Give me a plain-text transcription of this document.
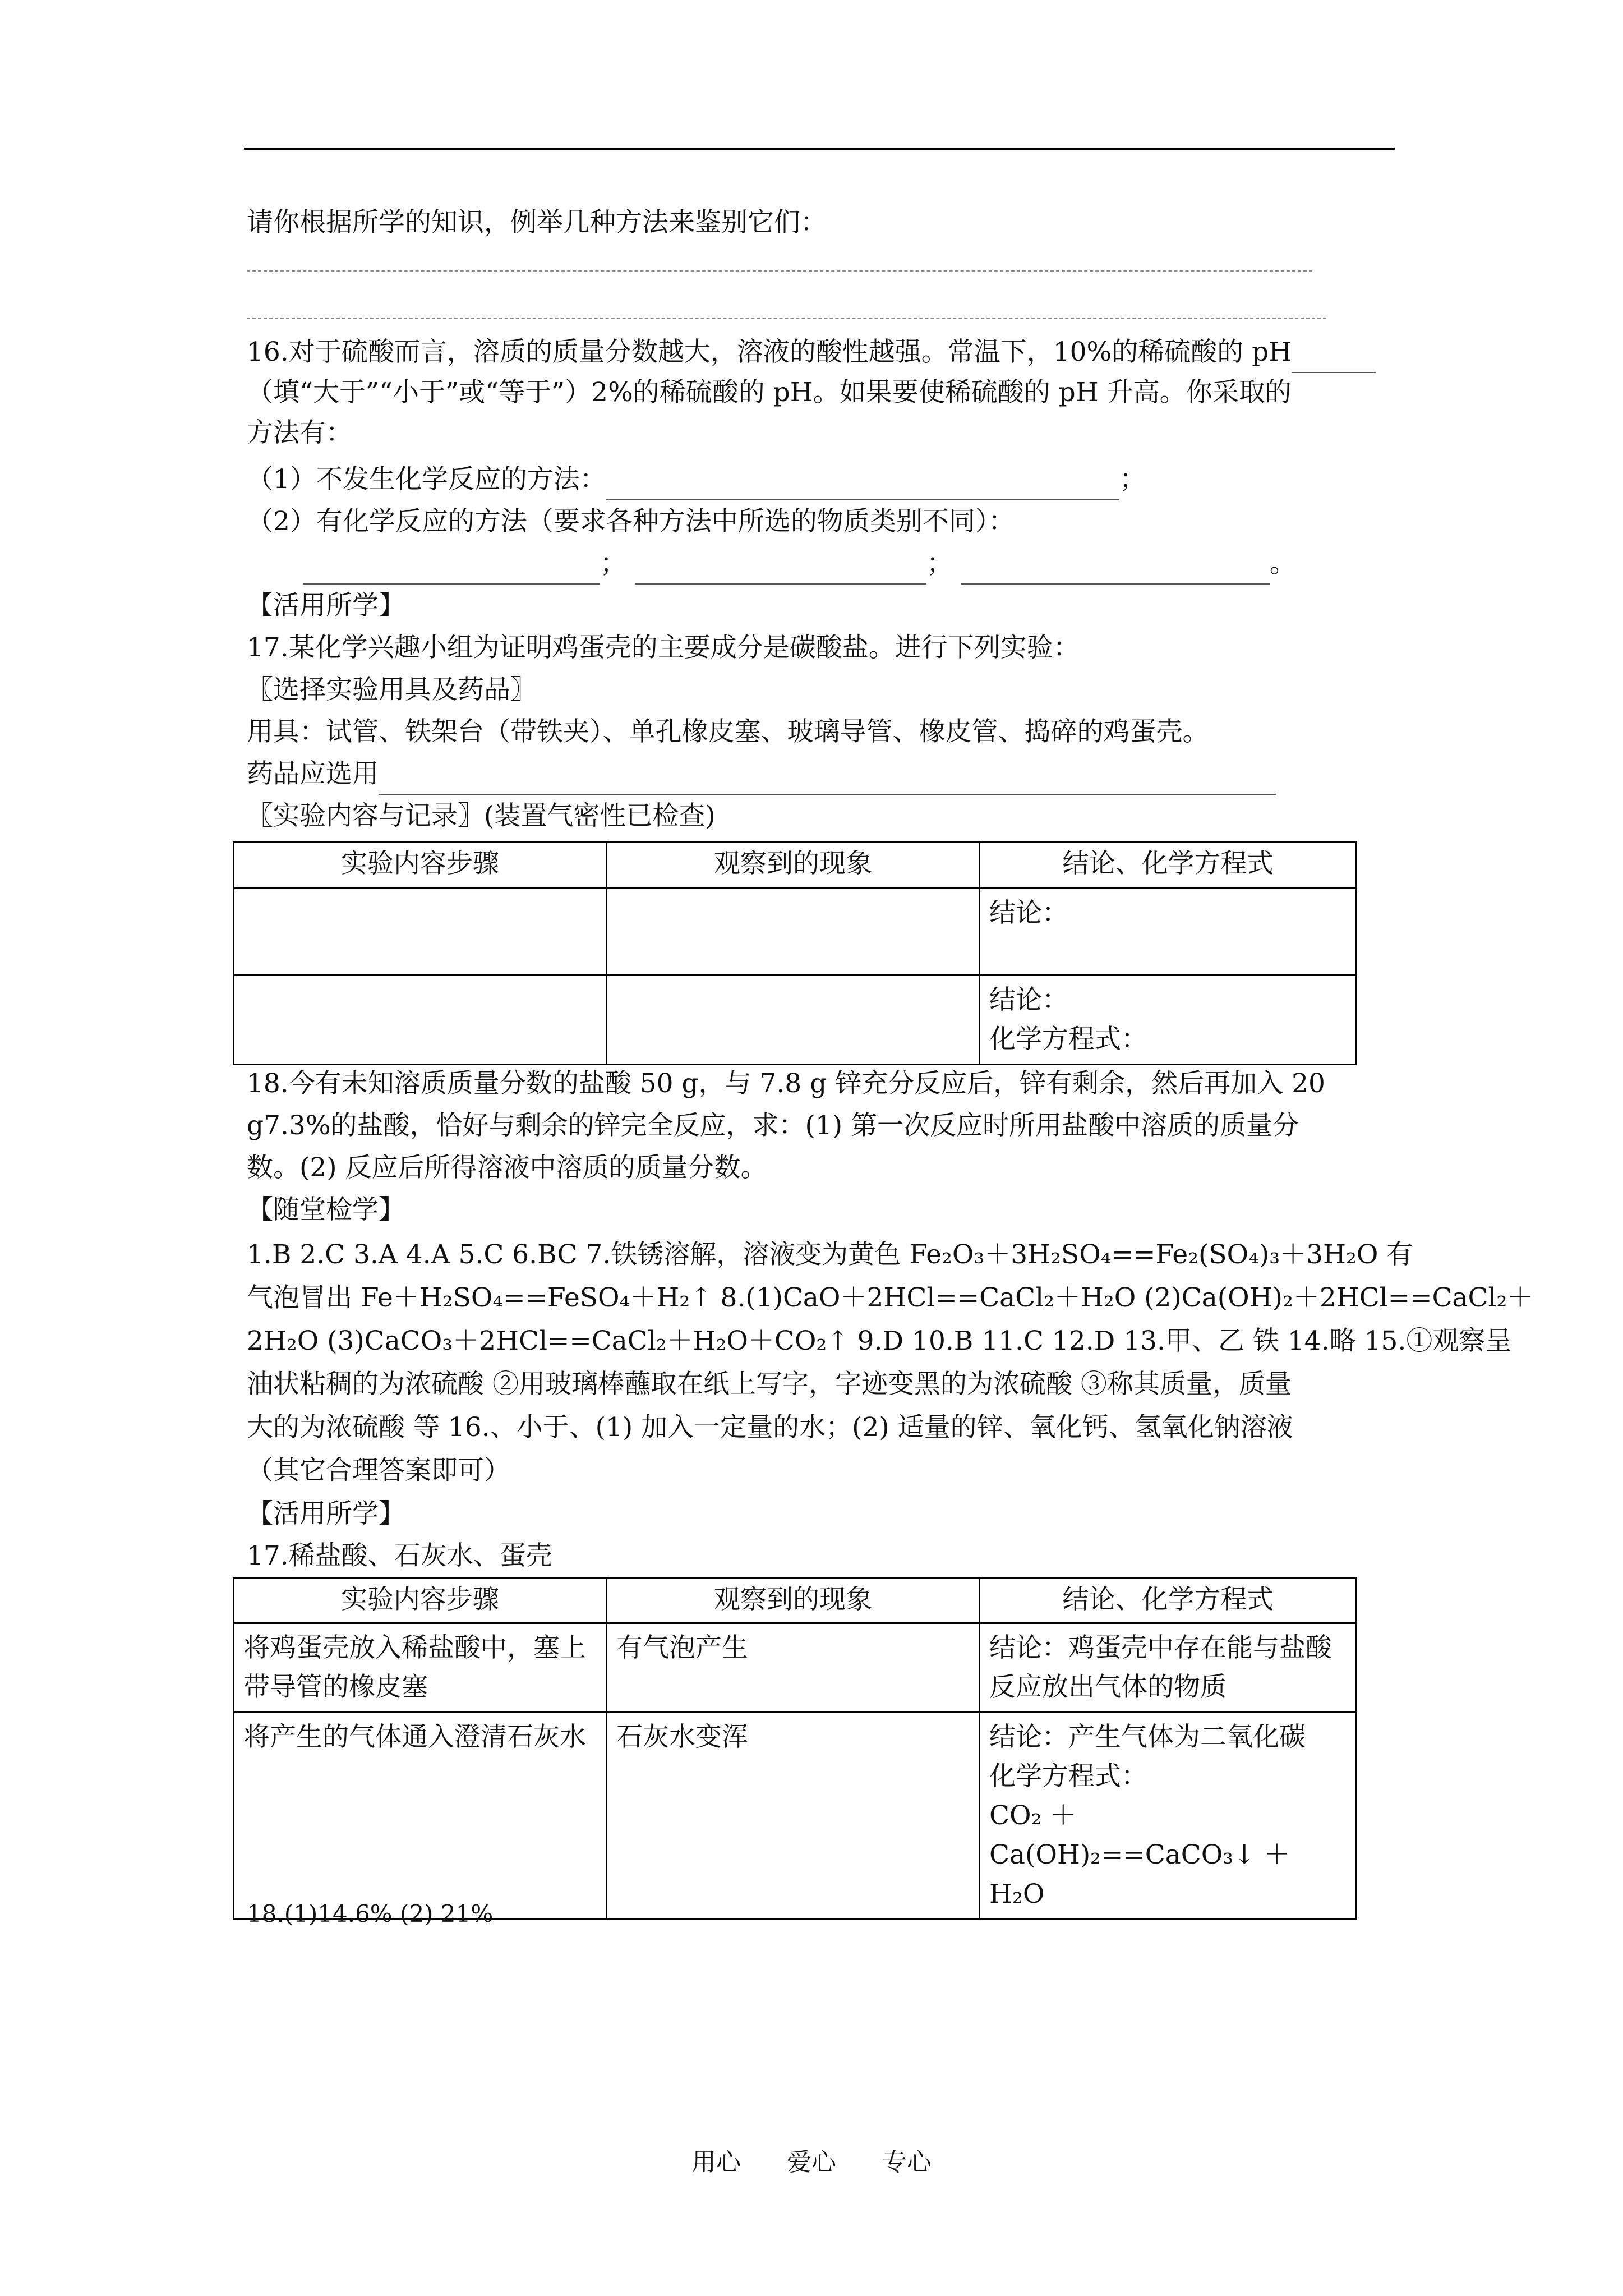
请你根据所学的知识，例举几种方法来鉴别它们：
16.对于硫酸而言，溶质的质量分数越大，溶液的酸性越强。常温下，10%的稀硫酸的 pH
（填“大于”“小于”或“等于”）2%的稀硫酸的 pH。如果要使稀硫酸的 pH 升高。你采取的
方法有：
（1）不发生化学反应的方法：	；
（2）有化学反应的方法（要求各种方法中所选的物质类别不同）：
；	；	。
【活用所学】
17.某化学兴趣小组为证明鸡蛋壳的主要成分是碳酸盐。进行下列实验：
〖选择实验用具及药品〗
用具：试管、铁架台（带铁夹）、单孔橡皮塞、玻璃导管、橡皮管、捣碎的鸡蛋壳。
药品应选用
〖实验内容与记录〗(装置气密性已检查)
实验内容步骤	观察到的现象	结论、化学方程式
		结论：

		结论：
化学方程式：
18.今有未知溶质质量分数的盐酸 50 g，与 7.8 g 锌充分反应后，锌有剩余，然后再加入 20
g7.3%的盐酸，恰好与剩余的锌完全反应，求：(1) 第一次反应时所用盐酸中溶质的质量分
数。(2) 反应后所得溶液中溶质的质量分数。
【随堂检学】
1.B 2.C 3.A 4.A 5.C 6.BC 7.铁锈溶解，溶液变为黄色 Fe₂O₃＋3H₂SO₄==Fe₂(SO₄)₃＋3H₂O 有
气泡冒出 Fe＋H₂SO₄==FeSO₄＋H₂↑ 8.(1)CaO＋2HCl==CaCl₂＋H₂O (2)Ca(OH)₂＋2HCl==CaCl₂＋
2H₂O (3)CaCO₃＋2HCl==CaCl₂＋H₂O＋CO₂↑ 9.D 10.B 11.C 12.D 13.甲、乙 铁 14.略 15.①观察呈
油状粘稠的为浓硫酸 ②用玻璃棒蘸取在纸上写字，字迹变黑的为浓硫酸 ③称其质量，质量
大的为浓硫酸 等 16.、小于、(1) 加入一定量的水；(2) 适量的锌、氧化钙、氢氧化钠溶液
（其它合理答案即可）
【活用所学】
17.稀盐酸、石灰水、蛋壳
实验内容步骤	观察到的现象	结论、化学方程式
将鸡蛋壳放入稀盐酸中，塞上带导管的橡皮塞	有气泡产生	结论：鸡蛋壳中存在能与盐酸反应放出气体的物质
将产生的气体通入澄清石灰水	石灰水变浑	结论：产生气体为二氧化碳
化学方程式：
CO₂ ＋ Ca(OH)₂==CaCO₃↓ ＋
H₂O
18.(1)14.6% (2) 21%
用心 爱心 专心
